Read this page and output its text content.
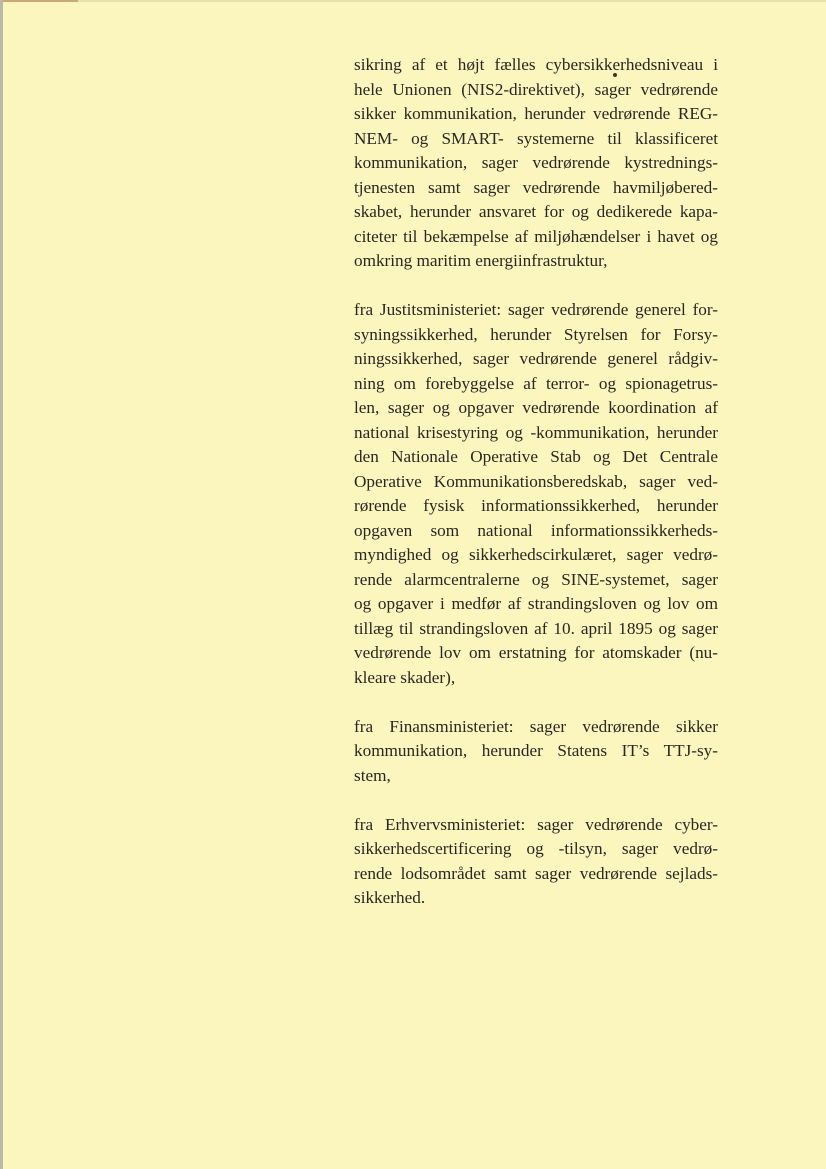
sikring af et højt fælles cybersikkerhedsniveau i
hele Unionen (NIS2-direktivet), sager vedrørende
sikker kommunikation, herunder vedrørende REG-
NEM- og SMART- systemerne til klassificeret
kommunikation, sager vedrørende kystrednings-
tjenesten samt sager vedrørende havmiljøbered-
skabet, herunder ansvaret for og dedikerede kapa-
citeter til bekæmpelse af miljøhændelser i havet og
omkring maritim energiinfrastruktur,

fra Justitsministeriet: sager vedrørende generel for-
syningssikkerhed, herunder Styrelsen for Forsy-
ningssikkerhed, sager vedrørende generel rådgiv-
ning om forebyggelse af terror- og spionagetrus-
len, sager og opgaver vedrørende koordination af
national krisestyring og -kommunikation, herunder
den Nationale Operative Stab og Det Centrale
Operative Kommunikationsberedskab, sager ved-
rørende fysisk informationssikkerhed, herunder
opgaven som national informationssikkerheds-
myndighed og sikkerhedscirkulæret, sager vedrø-
rende alarmcentralerne og SINE-systemet, sager
og opgaver i medfør af strandingsloven og lov om
tillæg til strandingsloven af 10. april 1895 og sager
vedrørende lov om erstatning for atomskader (nu-
kleare skader),

fra Finansministeriet: sager vedrørende sikker
kommunikation, herunder Statens IT’s TTJ-sy-
stem,

fra Erhvervsministeriet: sager vedrørende cyber-
sikkerhedscertificering og -tilsyn, sager vedrø-
rende lodsområdet samt sager vedrørende sejlads-
sikkerhed.
